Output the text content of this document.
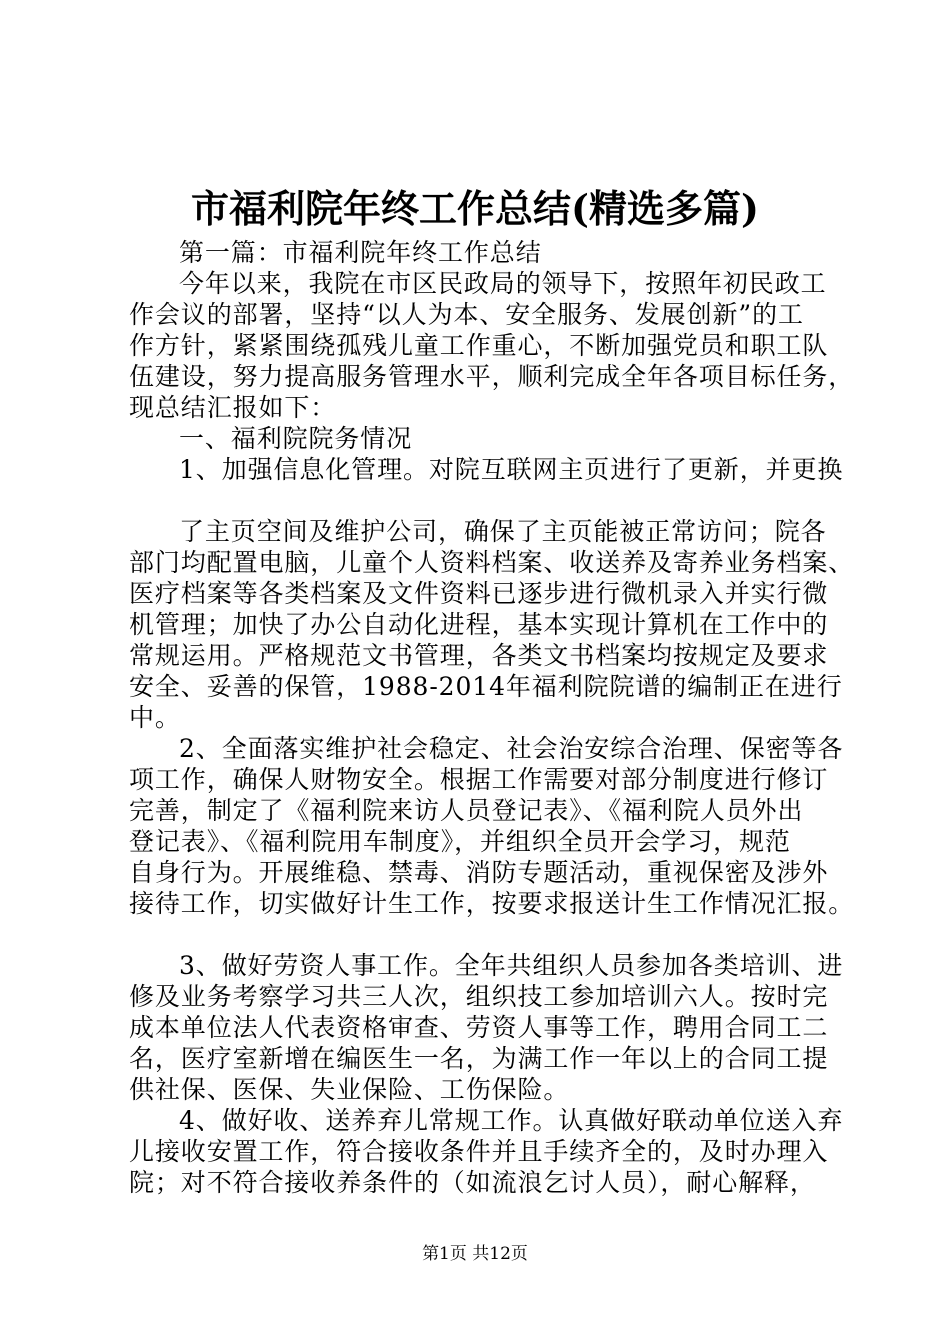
市福利院年终工作总结(精选多篇)
第一篇：市福利院年终工作总结
今年以来，我院在市区民政局的领导下，按照年初民政工
作会议的部署，坚持“以人为本、安全服务、发展创新”的工
作方针，紧紧围绕孤残儿童工作重心，不断加强党员和职工队
伍建设，努力提高服务管理水平，顺利完成全年各项目标任务，
现总结汇报如下：
一、福利院院务情况
1、加强信息化管理。对院互联网主页进行了更新，并更换
了主页空间及维护公司，确保了主页能被正常访问；院各
部门均配置电脑，儿童个人资料档案、收送养及寄养业务档案、
医疗档案等各类档案及文件资料已逐步进行微机录入并实行微
机管理；加快了办公自动化进程，基本实现计算机在工作中的
常规运用。严格规范文书管理，各类文书档案均按规定及要求
安全、妥善的保管，1988-2014年福利院院谱的编制正在进行
中。
2、全面落实维护社会稳定、社会治安综合治理、保密等各
项工作，确保人财物安全。根据工作需要对部分制度进行修订
完善，制定了《福利院来访人员登记表》、《福利院人员外出
登记表》、《福利院用车制度》，并组织全员开会学习，规范
自身行为。开展维稳、禁毒、消防专题活动，重视保密及涉外
接待工作，切实做好计生工作，按要求报送计生工作情况汇报。
3、做好劳资人事工作。全年共组织人员参加各类培训、进
修及业务考察学习共三人次，组织技工参加培训六人。按时完
成本单位法人代表资格审查、劳资人事等工作，聘用合同工二
名，医疗室新增在编医生一名，为满工作一年以上的合同工提
供社保、医保、失业保险、工伤保险。
4、做好收、送养弃儿常规工作。认真做好联动单位送入弃
儿接收安置工作，符合接收条件并且手续齐全的，及时办理入
院；对不符合接收养条件的（如流浪乞讨人员），耐心解释，
第1页 共12页
